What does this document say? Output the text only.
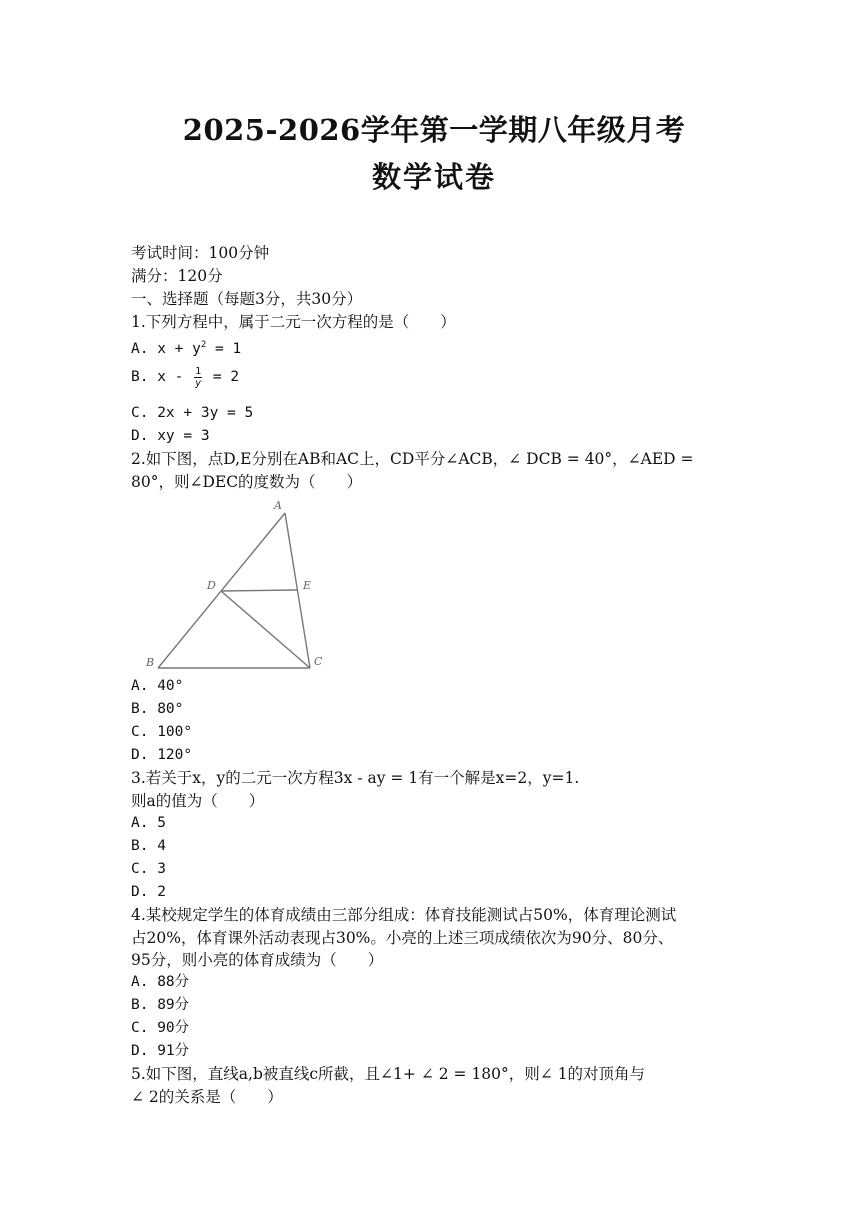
2025-2026学年第一学期八年级月考
数学试卷
考试时间：100分钟
满分：120分
一、选择题（每题3分，共30分）
1.下列方程中，属于二元一次方程的是（　　）
A. $x + y^2 = 1$
B. $x - \frac{1}{y} = 2$
C. 2x + 3y = 5
D. xy = 3
2.如下图，点D,E分别在AB和AC上，CD平分∠ACB，∠ DCB = 40°，∠AED =
80°，则∠DEC的度数为（　　）
A
B	C
D	E
A. 40°
B. 80°
C. 100°
D. 120°
3.若关于x，y的二元一次方程3x - ay = 1有一个解是x=2，y=1.
则a的值为（　　）
A. 5
B. 4
C. 3
D. 2
4.某校规定学生的体育成绩由三部分组成：体育技能测试占50%，体育理论测试
占20%，体育课外活动表现占30%。小亮的上述三项成绩依次为90分、80分、
95分，则小亮的体育成绩为（　　）
A. 88分
B. 89分
C. 90分
D. 91分
5.如下图，直线a,b被直线c所截，且∠1+ ∠ 2 = 180°，则∠ 1的对顶角与
∠ 2的关系是（　　）
